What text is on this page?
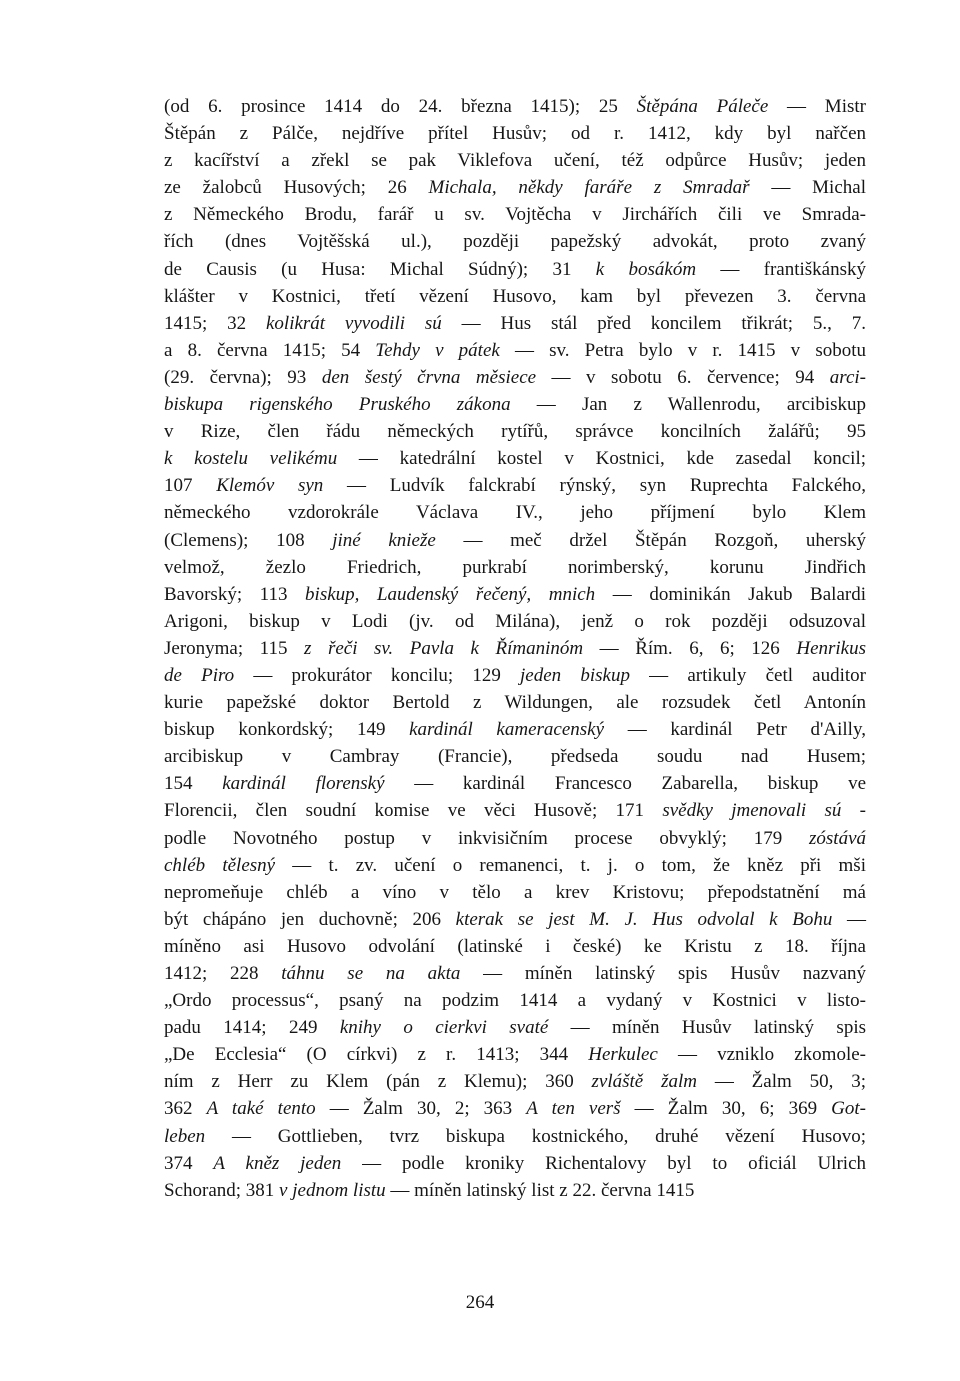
(od 6. prosince 1414 do 24. března 1415); 25 Štěpána Páleče — Mistr
Štěpán z Pálče, nejdříve přítel Husův; od r. 1412, kdy byl nařčen
z kacířství a zřekl se pak Viklefova učení, též odpůrce Husův; jeden
ze žalobců Husových; 26 Michala, někdy faráře z Smradař — Michal
z Německého Brodu, farář u sv. Vojtěcha v Jirchářích čili ve Smrada-
řích (dnes Vojtěšská ul.), později papežský advokát, proto zvaný
de Causis (u Husa: Michal Súdný); 31 k bosákóm — františkánský
klášter v Kostnici, třetí vězení Husovo, kam byl převezen 3. června
1415; 32 kolikrát vyvodili sú — Hus stál před koncilem třikrát; 5., 7.
a 8. června 1415; 54 Tehdy v pátek — sv. Petra bylo v r. 1415 v sobotu
(29. června); 93 den šestý črvna měsiece — v sobotu 6. července; 94 arci-
biskupa rigenského Pruského zákona — Jan z Wallenrodu, arcibiskup
v Rize, člen řádu německých rytířů, správce koncilních žalářů; 95
k kostelu velikému — katedrální kostel v Kostnici, kde zasedal koncil;
107 Klemóv syn — Ludvík falckrabí rýnský, syn Ruprechta Falckého,
německého vzdorokrále Václava IV., jeho příjmení bylo Klem
(Clemens); 108 jiné knieže — meč držel Štěpán Rozgoň, uherský
velmož, žezlo Friedrich, purkrabí norimberský, korunu Jindřich
Bavorský; 113 biskup, Laudenský řečený, mnich — dominikán Jakub Balardi
Arigoni, biskup v Lodi (jv. od Milána), jenž o rok později odsuzoval
Jeronyma; 115 z řeči sv. Pavla k Římaninóm — Řím. 6, 6; 126 Henrikus
de Piro — prokurátor koncilu; 129 jeden biskup — artikuly četl auditor
kurie papežské doktor Bertold z Wildungen, ale rozsudek četl Antonín
biskup konkordský; 149 kardinál kameracenský — kardinál Petr d'Ailly,
arcibiskup v Cambray (Francie), předseda soudu nad Husem;
154 kardinál florenský — kardinál Francesco Zabarella, biskup ve
Florencii, člen soudní komise ve věci Husově; 171 svědky jmenovali sú -
podle Novotného postup v inkvisičním procese obvyklý; 179 zóstává
chléb tělesný — t. zv. učení o remanenci, t. j. o tom, že kněz při mši
nepromeňuje chléb a víno v tělo a krev Kristovu; přepodstatnění má
být chápáno jen duchovně; 206 kterak se jest M. J. Hus odvolal k Bohu —
míněno asi Husovo odvolání (latinské i české) ke Kristu z 18. října
1412; 228 táhnu se na akta — míněn latinský spis Husův nazvaný
„Ordo processus“, psaný na podzim 1414 a vydaný v Kostnici v listo-
padu 1414; 249 knihy o cierkvi svaté — míněn Husův latinský spis
„De Ecclesia“ (O církvi) z r. 1413; 344 Herkulec — vzniklo zkomole-
ním z Herr zu Klem (pán z Klemu); 360 zvláště žalm — Žalm 50, 3;
362 A také tento — Žalm 30, 2; 363 A ten verš — Žalm 30, 6; 369 Got-
leben — Gottlieben, tvrz biskupa kostnického, druhé vězení Husovo;
374 A kněz jeden — podle kroniky Richentalovy byl to oficiál Ulrich
Schorand; 381 v jednom listu — míněn latinský list z 22. června 1415
264
